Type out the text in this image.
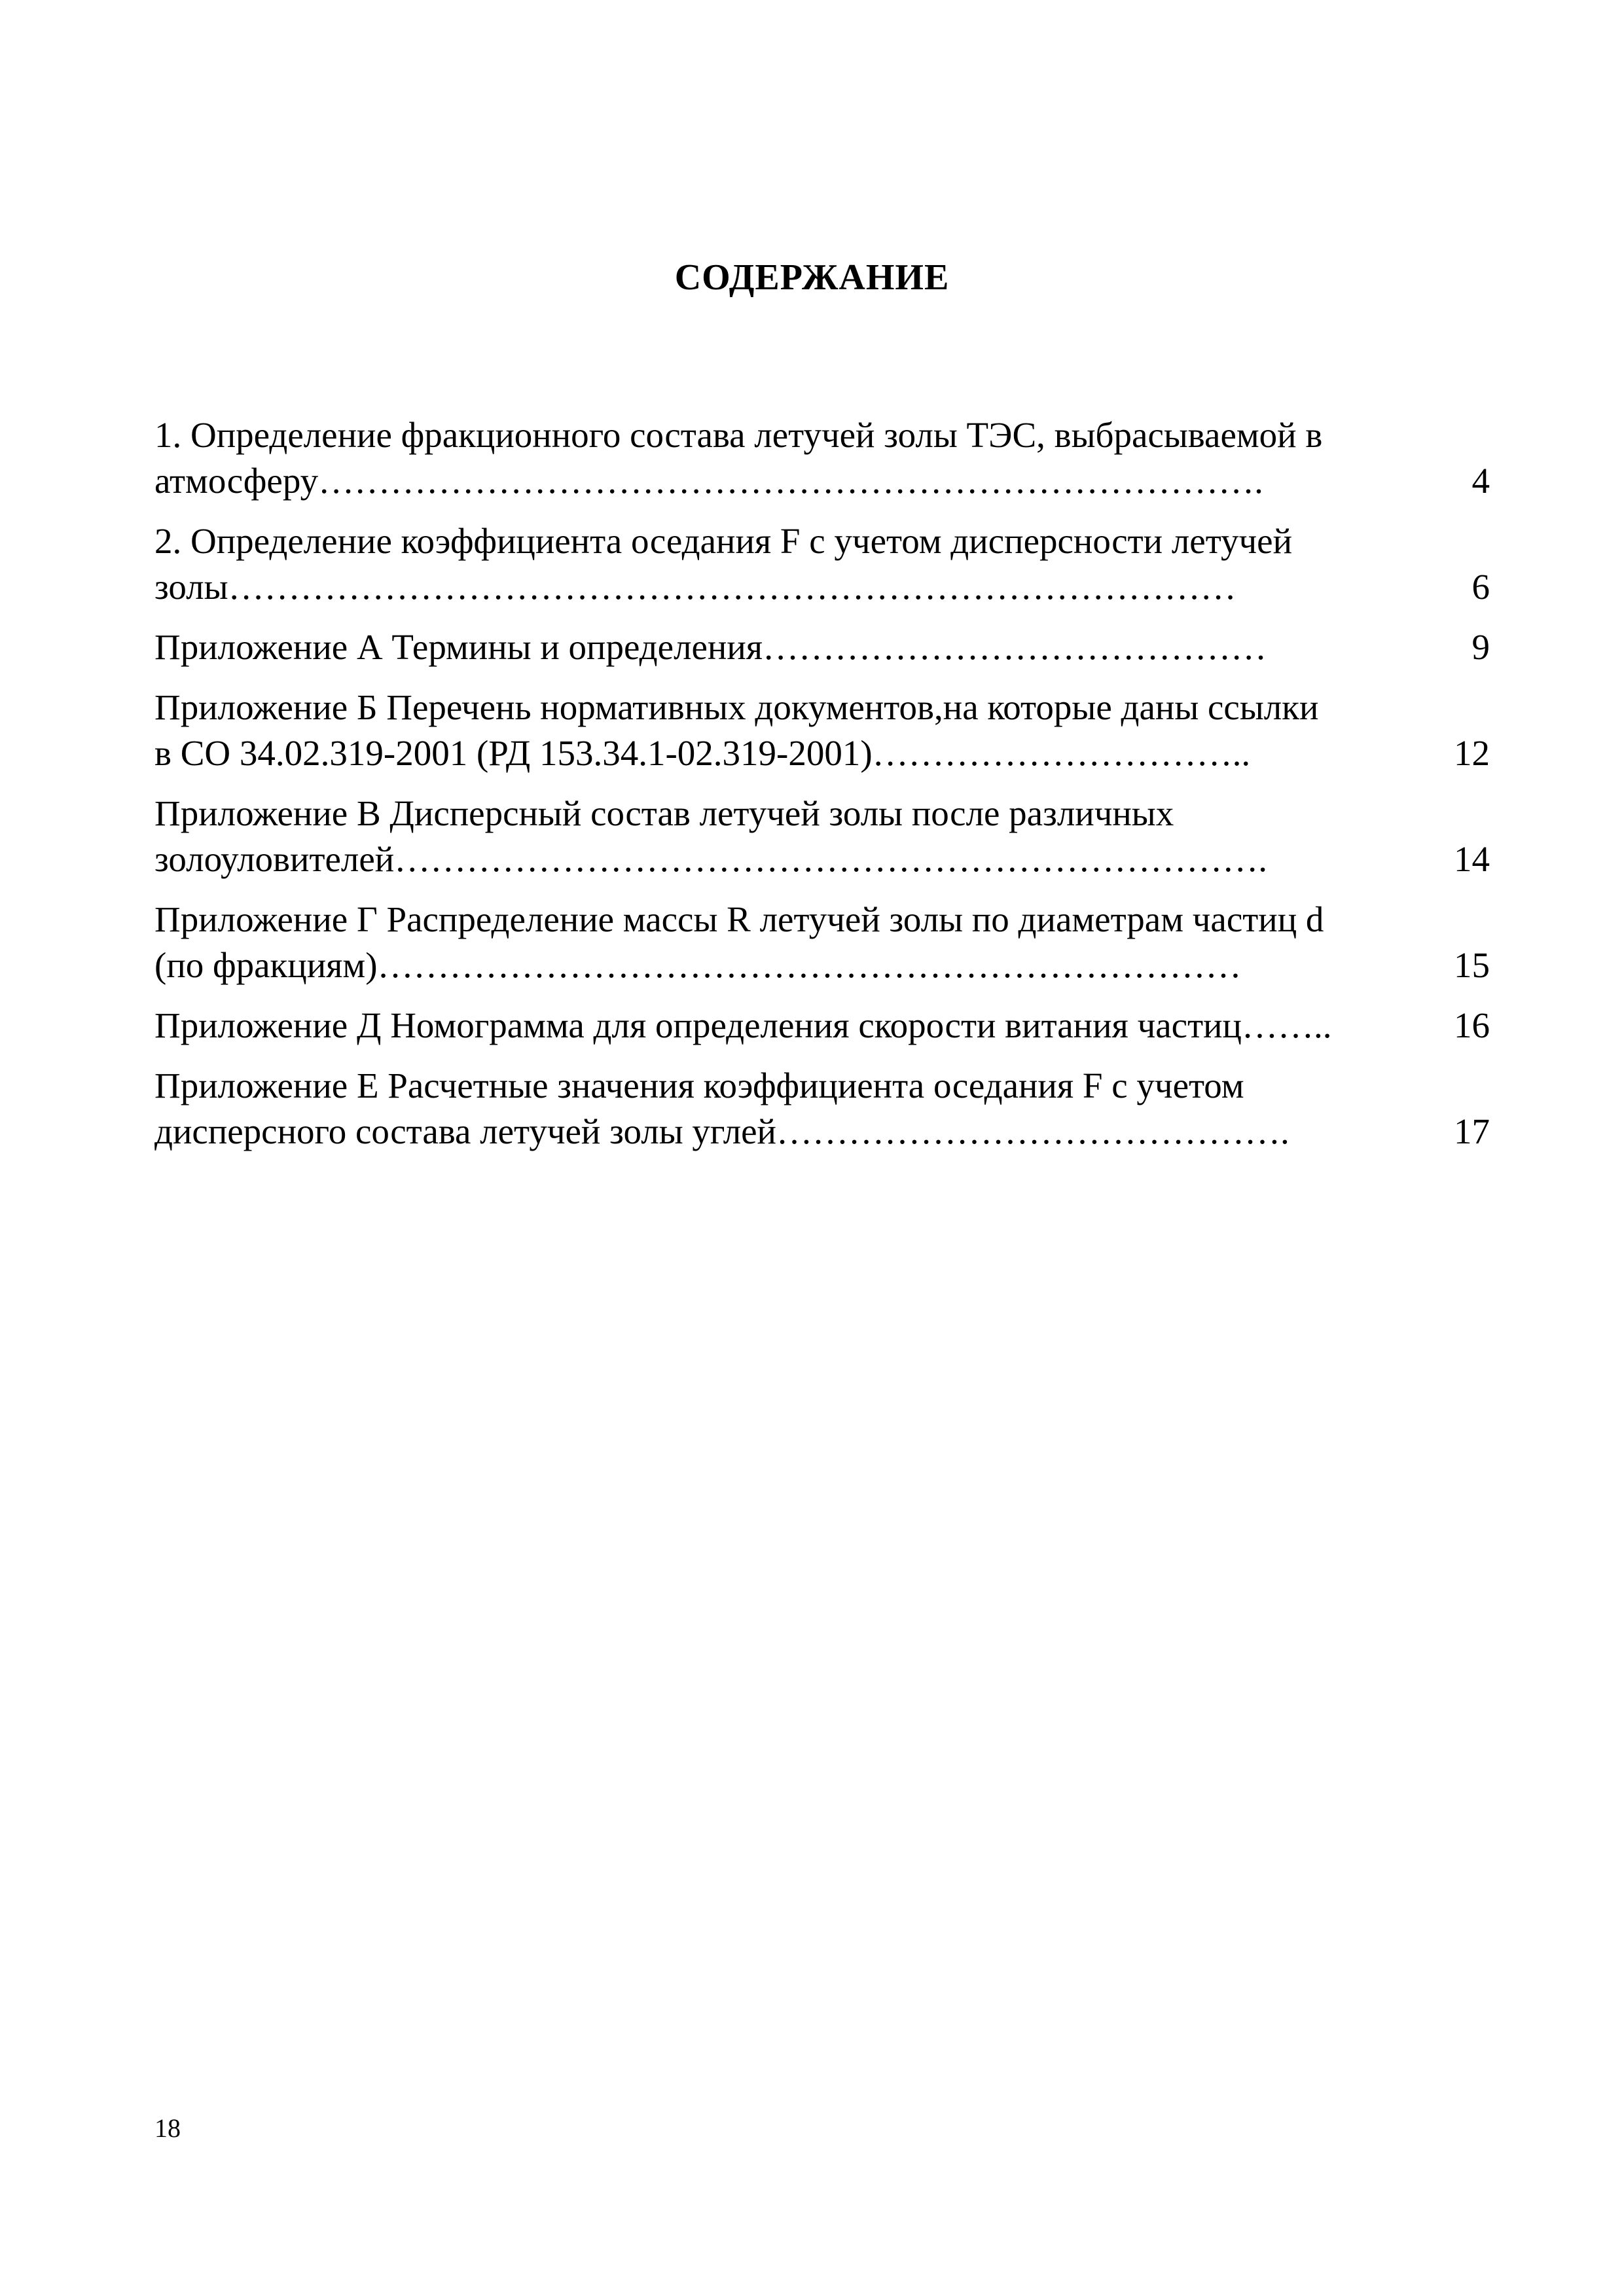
СОДЕРЖАНИЕ
1. Определение фракционного состава летучей золы ТЭС, выбрасываемой в
атмосферу…………………………………………………………………….	4
2. Определение коэффициента оседания F с учетом дисперсности летучей
золы…………………………………………………………………………	6
Приложение А Термины и определения……………………………………	9
Приложение Б Перечень нормативных документов,на которые даны ссылки
в СО 34.02.319-2001 (РД 153.34.1-02.319-2001)…………………………..	12
Приложение В Дисперсный состав летучей золы после различных
золоуловителей……………………………………………………………….	14
Приложение Г Распределение массы R летучей золы по диаметрам частиц d
(по фракциям)………………………………………………………………	15
Приложение Д Номограмма для определения скорости витания частиц……..	16
Приложение Е Расчетные значения коэффициента оседания F с учетом
дисперсного состава летучей золы углей…………………………………….	17
18
